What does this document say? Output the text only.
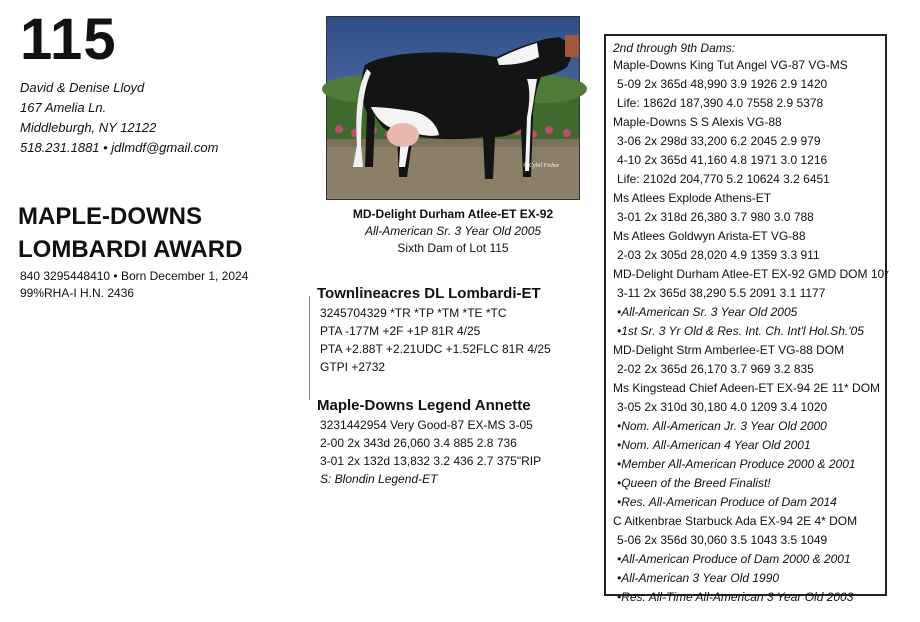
115
David & Denise Lloyd
167 Amelia Ln.
Middleburgh, NY 12122
518.231.1881 • jdlmdf@gmail.com
MAPLE-DOWNS
LOMBARDI AWARD
840 3295448410 • Born December 1, 2024
99%RHA-I H.N. 2436
© Cybil Fisher
MD-Delight Durham Atlee-ET EX-92
All-American Sr. 3 Year Old 2005
Sixth Dam of Lot 115
Townlineacres DL Lombardi-ET
3245704329 *TR *TP *TM *TE *TC
PTA -177M +2F +1P 81R 4/25
PTA +2.88T +2.21UDC +1.52FLC 81R 4/25
GTPI +2732
Maple-Downs Legend Annette
3231442954 Very Good-87 EX-MS 3-05
2-00 2x 343d 26,060 3.4 885 2.8 736
3-01 2x 132d 13,832 3.2 436 2.7 375"RIP
S: Blondin Legend-ET
2nd through 9th Dams:
Maple-Downs King Tut Angel VG-87 VG-MS
5-09 2x 365d 48,990 3.9 1926 2.9 1420
Life: 1862d 187,390 4.0 7558 2.9 5378
Maple-Downs S S Alexis VG-88
3-06 2x 298d 33,200 6.2 2045 2.9 979
4-10 2x 365d 41,160 4.8 1971 3.0 1216
Life: 2102d 204,770 5.2 10624 3.2 6451
Ms Atlees Explode Athens-ET
3-01 2x 318d 26,380 3.7 980 3.0 788
Ms Atlees Goldwyn Arista-ET VG-88
2-03 2x 305d 28,020 4.9 1359 3.3 911
MD-Delight Durham Atlee-ET EX-92 GMD DOM 10*
3-11 2x 365d 38,290 5.5 2091 3.1 1177
•All-American Sr. 3 Year Old 2005
•1st Sr. 3 Yr Old & Res. Int. Ch. Int'l Hol.Sh.'05
MD-Delight Strm Amberlee-ET VG-88 DOM
2-02 2x 365d 26,170 3.7 969 3.2 835
Ms Kingstead Chief Adeen-ET EX-94 2E 11* DOM
3-05 2x 310d 30,180 4.0 1209 3.4 1020
•Nom. All-American Jr. 3 Year Old 2000
•Nom. All-American 4 Year Old 2001
•Member All-American Produce 2000 & 2001
•Queen of the Breed Finalist!
•Res. All-American Produce of Dam 2014
C Aitkenbrae Starbuck Ada EX-94 2E 4* DOM
5-06 2x 356d 30,060 3.5 1043 3.5 1049
•All-American Produce of Dam 2000 & 2001
•All-American 3 Year Old 1990
•Res. All-Time All-American 3 Year Old 2003
